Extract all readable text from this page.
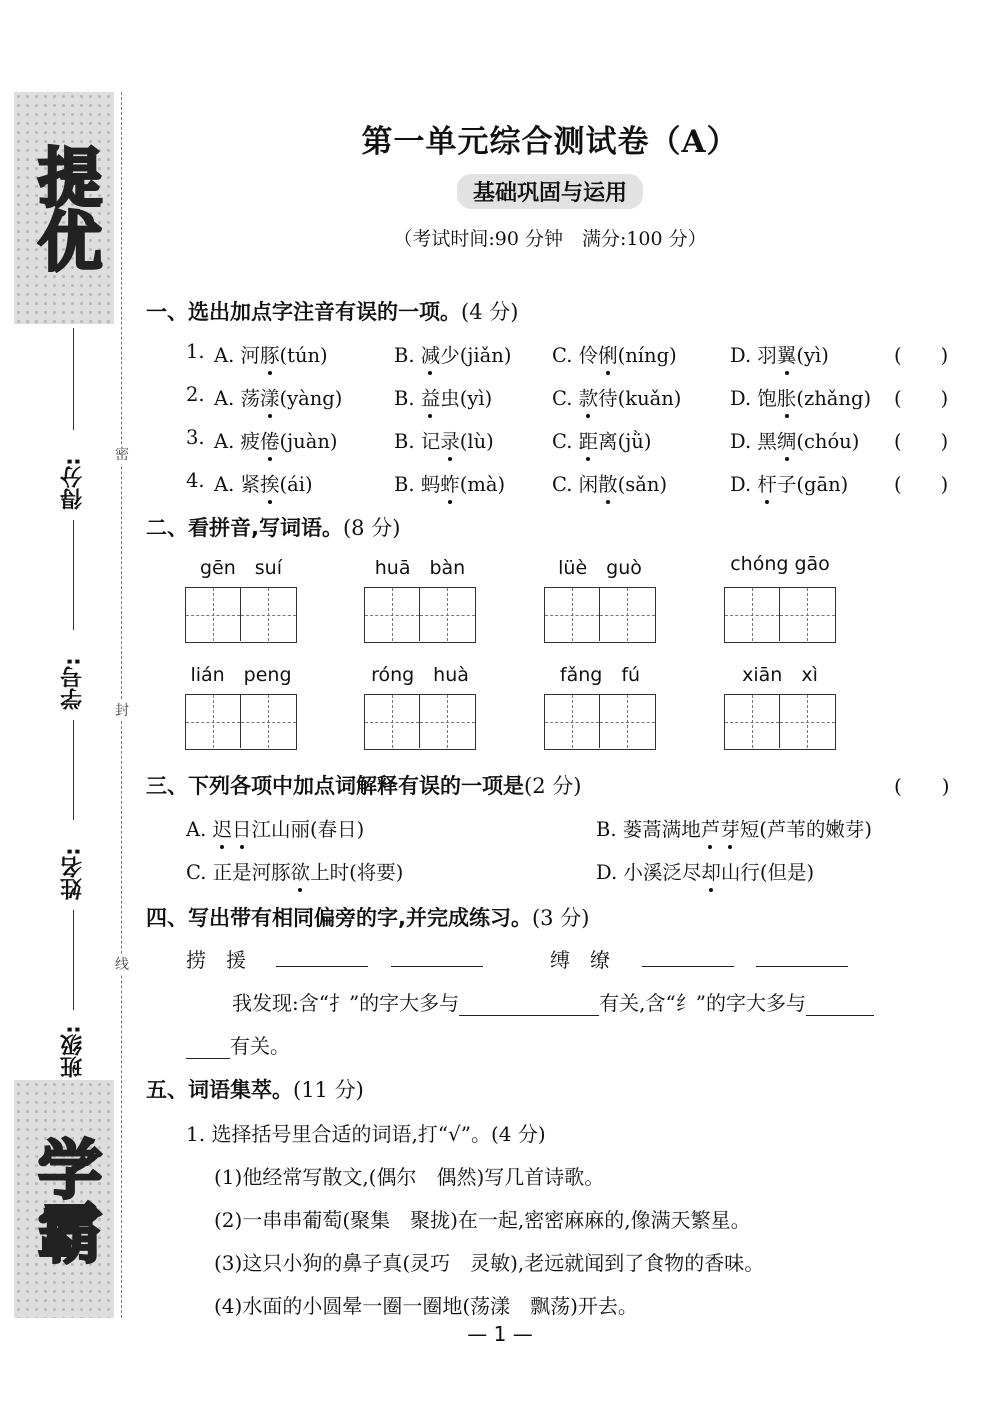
提优
学霸
得分:
学号:
姓名:
班级:
密
封
线
第一单元综合测试卷（A）
基础巩固与运用
（考试时间:90 分钟　满分:100 分）
一、选出加点字注音有误的一项。(4 分)
1. A. 河豚(tún)	B. 减少(jiǎn) C. 伶俐(níng)	D. 羽翼(yì)	(　　)
2. A. 荡漾(yàng)	B. 益虫(yì)	C. 款待(kuǎn) D. 饱胀(zhǎng) (　　)
3. A. 疲倦(juàn)	B. 记录(lù)	C. 距离(jǜ)	D. 黑绸(chóu) (　　)
4. A. 紧挨(ái)	B. 蚂蚱(mà) C. 闲散(sǎn)	D. 杆子(gān) (　　)
二、看拼音,写词语。(8 分)
gēn　suí	huā　bàn	lüè　guò	chóng gāo
lián　peng	róng　huà	fǎng　fú	xiān　xì
三、下列各项中加点词解释有误的一项是(2 分)	(　　)
A. 迟日江山丽(春日)	B. 蒌蒿满地芦芽短(芦苇的嫩芽)
C. 正是河豚欲上时(将要)	D. 小溪泛尽却山行(但是)
四、写出带有相同偏旁的字,并完成练习。(3 分)
捞　援	缚　缭
我发现:含“扌”的字大多与	有关,含“纟”的字大多与
有关。
五、词语集萃。(11 分)
1. 选择括号里合适的词语,打“√”。(4 分)
(1)他经常写散文,(偶尔　偶然)写几首诗歌。
(2)一串串葡萄(聚集　聚拢)在一起,密密麻麻的,像满天繁星。
(3)这只小狗的鼻子真(灵巧　灵敏),老远就闻到了食物的香味。
(4)水面的小圆晕一圈一圈地(荡漾　飘荡)开去。
— 1 —
